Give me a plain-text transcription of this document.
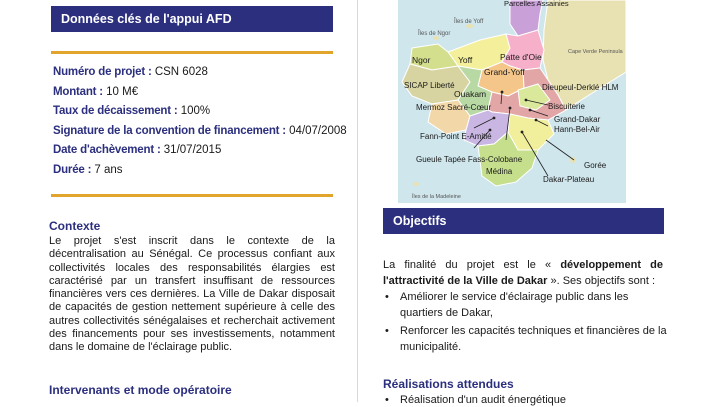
Données clés de l'appui AFD
Numéro de projet : CSN 6028
Montant : 10 M€
Taux de décaissement : 100%
Signature de la convention de financement : 04/07/2008
Date d'achèvement : 31/07/2015
Durée : 7 ans
Contexte
Le projet s'est inscrit dans le contexte de la décentralisation au Sénégal. Ce processus confiant aux collectivités locales des responsabilités élargies est caractérisé par un transfert insuffisant de ressources financières vers ces dernières. La Ville de Dakar disposait de capacités de gestion nettement supérieure à celle des autres collectivités sénégalaises et recherchait activement des financements pour ses investissements, notamment dans le domaine de l'éclairage public.
Intervenants et mode opératoire
Parcelles Assainies
Îles de Yoff
Îles de Ngor
Ngor	Yoff	Patte d'Oie
Grand-Yoff
Cape Verde Peninsula
SICAP Liberté
Ouakam
Dieupeul-Derklé HLM
Mermoz Sacré-Cœur	Biscuiterie
Grand-Dakar
Hann-Bel-Air
Fann-Point E-Amitié
Gueule Tapée Fass-Colobane
Gorée
Médina
Dakar-Plateau
Îles de la Madeleine
Objectifs
La finalité du projet est le « développement de l'attractivité de la Ville de Dakar ». Ses objectifs sont :
• Améliorer le service d'éclairage public dans les quartiers de Dakar,
• Renforcer les capacités techniques et financières de la municipalité.
Réalisations attendues
• Réalisation d'un audit énergétique
